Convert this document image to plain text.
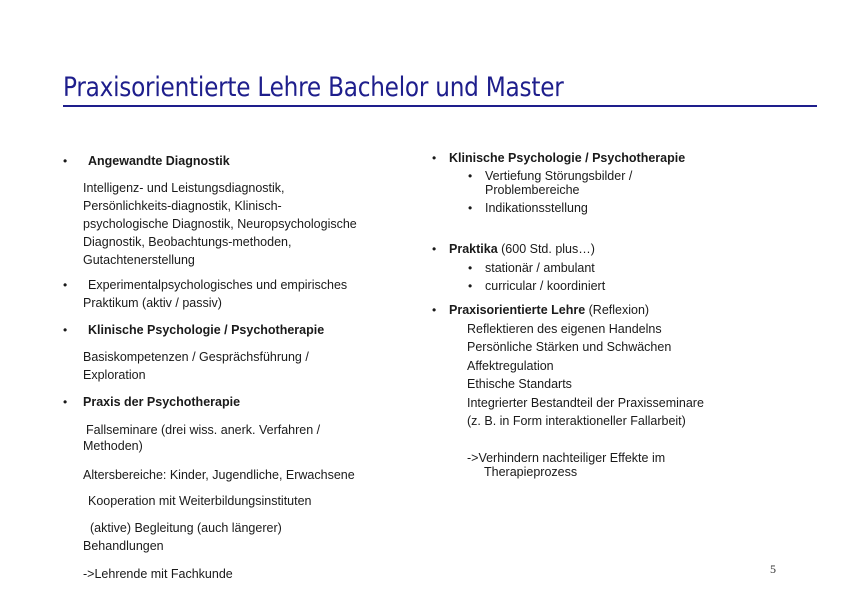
Praxisorientierte Lehre Bachelor und Master
• Angewandte Diagnostik
Intelligenz- und Leistungsdiagnostik,
Persönlichkeits-diagnostik, Klinisch-
psychologische Diagnostik, Neuropsychologische
Diagnostik, Beobachtungs-methoden,
Gutachtenerstellung
• Experimentalpsychologisches und empirisches
Praktikum (aktiv / passiv)
• Klinische Psychologie / Psychotherapie
Basiskompetenzen / Gesprächsführung /
Exploration
• Praxis der Psychotherapie
Fallseminare (drei wiss. anerk. Verfahren /
Methoden)
Altersbereiche: Kinder, Jugendliche, Erwachsene
Kooperation mit Weiterbildungsinstituten
(aktive) Begleitung (auch längerer)
Behandlungen
->Lehrende mit Fachkunde
• Klinische Psychologie / Psychotherapie
• Vertiefung Störungsbilder /
Problembereiche
• Indikationsstellung
• Praktika (600 Std. plus…)
• stationär / ambulant
• curricular / koordiniert
• Praxisorientierte Lehre (Reflexion)
Reflektieren des eigenen Handelns
Persönliche Stärken und Schwächen
Affektregulation
Ethische Standarts
Integrierter Bestandteil der Praxisseminare
(z. B. in Form interaktioneller Fallarbeit)
->Verhindern nachteiliger Effekte im
Therapieprozess
5
